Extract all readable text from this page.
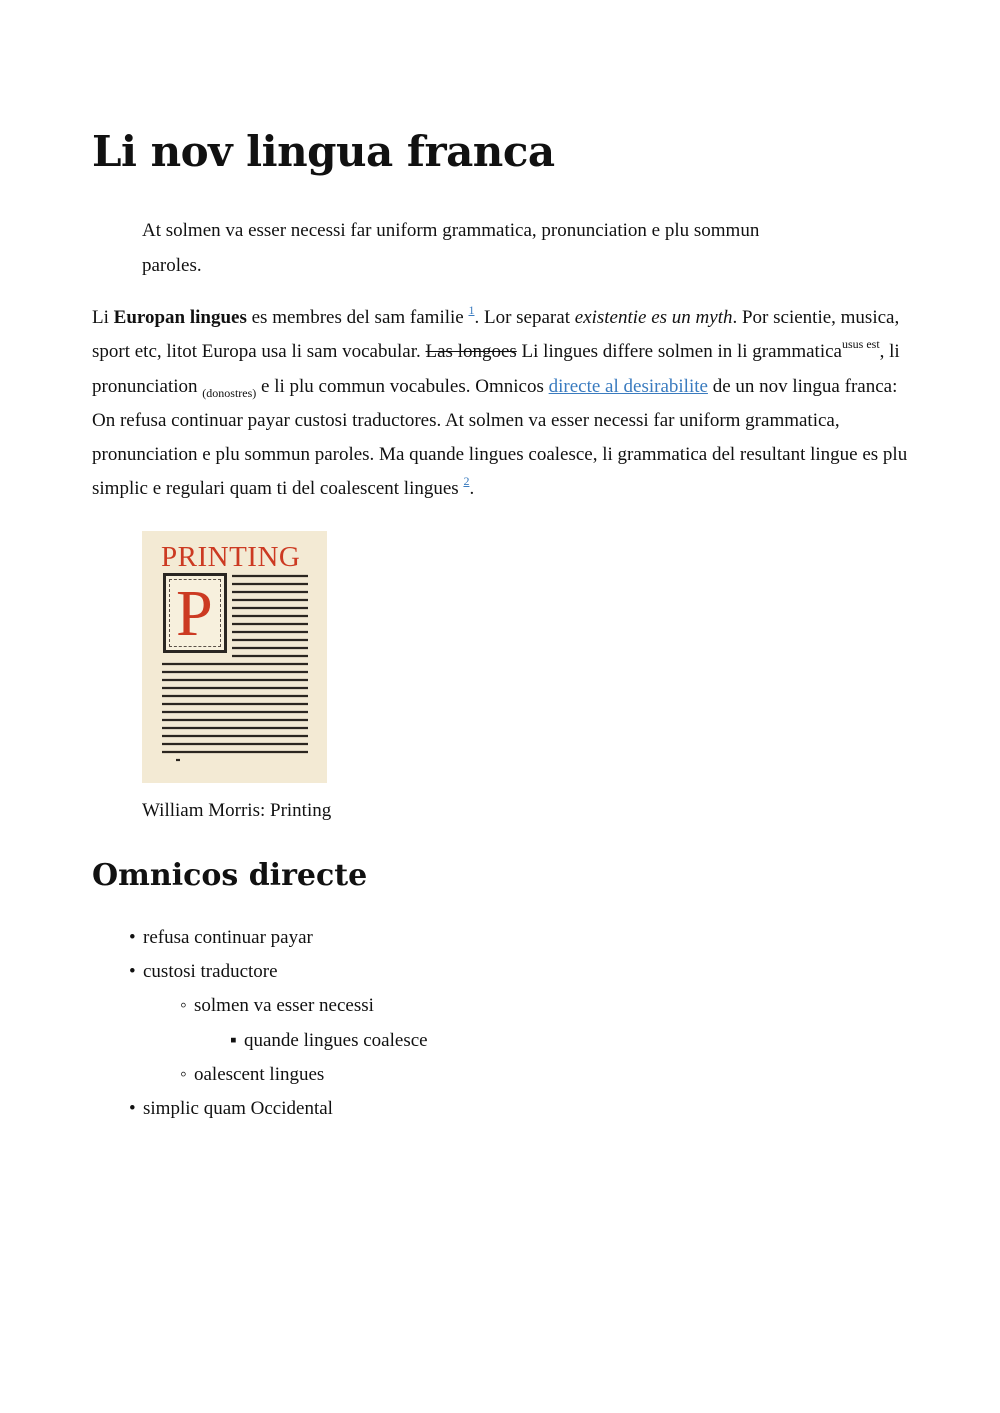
Li nov lingua franca
At solmen va esser necessi far uniform grammatica, pronunciation e plu sommun paroles.

Li Europan lingues es membres del sam familie $^1$. Lor separat existentie es un myth. Por scientie, musica, sport etc, litot Europa usa li sam vocabular. Las longoes Li lingues differe solmen in li grammatica$^{usus est}$, li pronunciation $_{(donostres)}$ e li plu commun vocabules. Omnicos directe al desirabilite de un nov lingua franca: On refusa continuar payar custosi traductores. At solmen va esser necessi far uniform grammatica, pronunciation e plu sommun paroles. Ma quande lingues coalesce, li grammatica del resultant lingue es plu simplic e regulari quam ti del coalescent lingues $^2$.

PRINTING
P
William Morris: Printing
Omnicos directe
• refusa continuar payar
• custosi traductore
◦ solmen va esser necessi
▪ quande lingues coalesce
◦ oalescent lingues
• simplic quam Occidental
